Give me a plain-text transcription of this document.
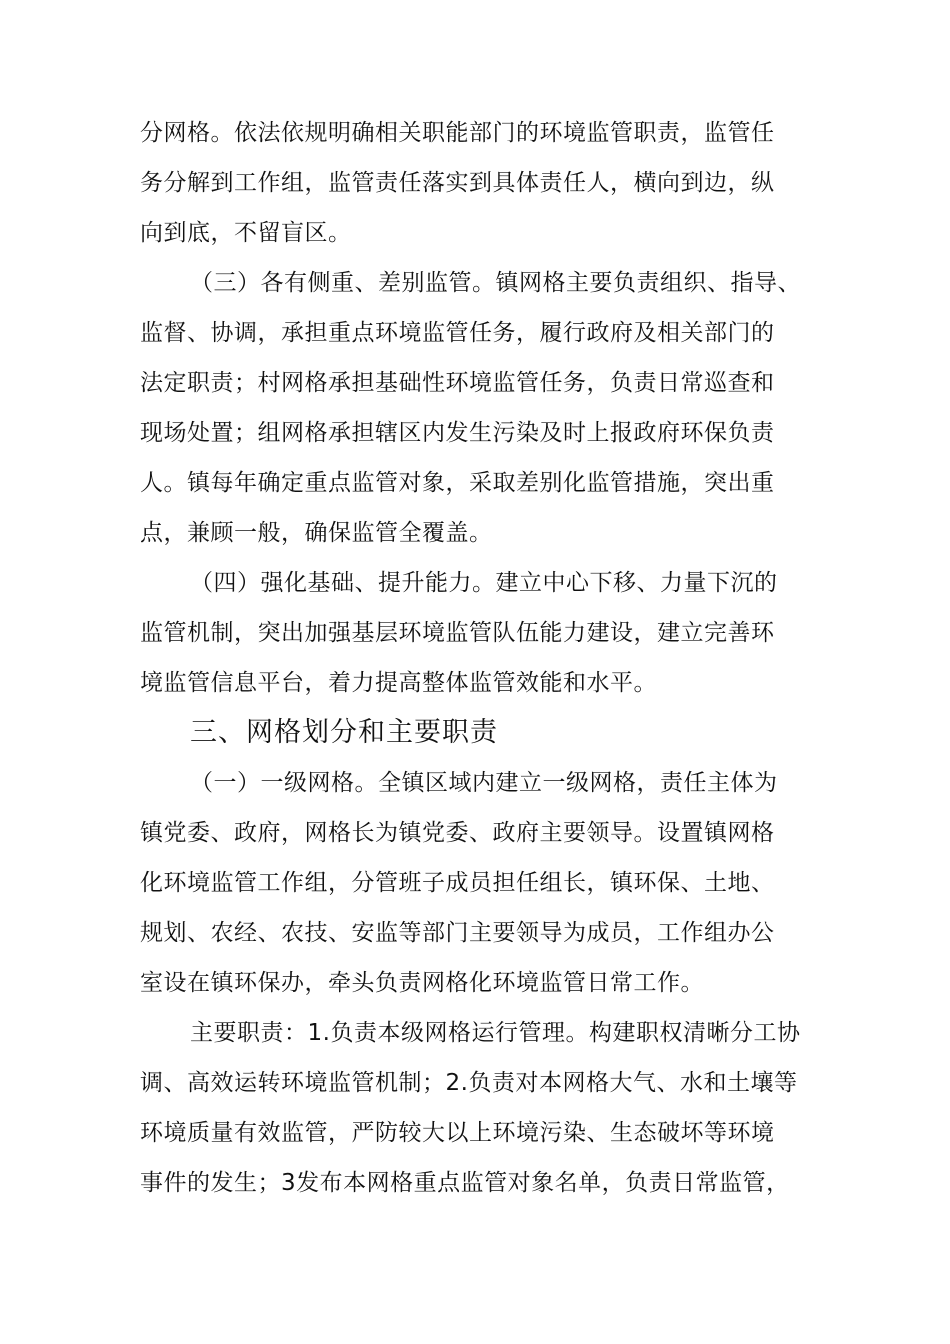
分网格。依法依规明确相关职能部门的环境监管职责，监管任
务分解到工作组，监管责任落实到具体责任人，横向到边，纵
向到底，不留盲区。
（三）各有侧重、差别监管。镇网格主要负责组织、指导、
监督、协调，承担重点环境监管任务，履行政府及相关部门的
法定职责；村网格承担基础性环境监管任务，负责日常巡查和
现场处置；组网格承担辖区内发生污染及时上报政府环保负责
人。镇每年确定重点监管对象，采取差别化监管措施，突出重
点，兼顾一般，确保监管全覆盖。
（四）强化基础、提升能力。建立中心下移、力量下沉的
监管机制，突出加强基层环境监管队伍能力建设，建立完善环
境监管信息平台，着力提高整体监管效能和水平。
三、网格划分和主要职责
（一）一级网格。全镇区域内建立一级网格，责任主体为
镇党委、政府，网格长为镇党委、政府主要领导。设置镇网格
化环境监管工作组，分管班子成员担任组长，镇环保、土地、
规划、农经、农技、安监等部门主要领导为成员，工作组办公
室设在镇环保办，牵头负责网格化环境监管日常工作。
主要职责：1.负责本级网格运行管理。构建职权清晰分工协
调、高效运转环境监管机制；2.负责对本网格大气、水和土壤等
环境质量有效监管，严防较大以上环境污染、生态破坏等环境
事件的发生；3发布本网格重点监管对象名单，负责日常监管，
